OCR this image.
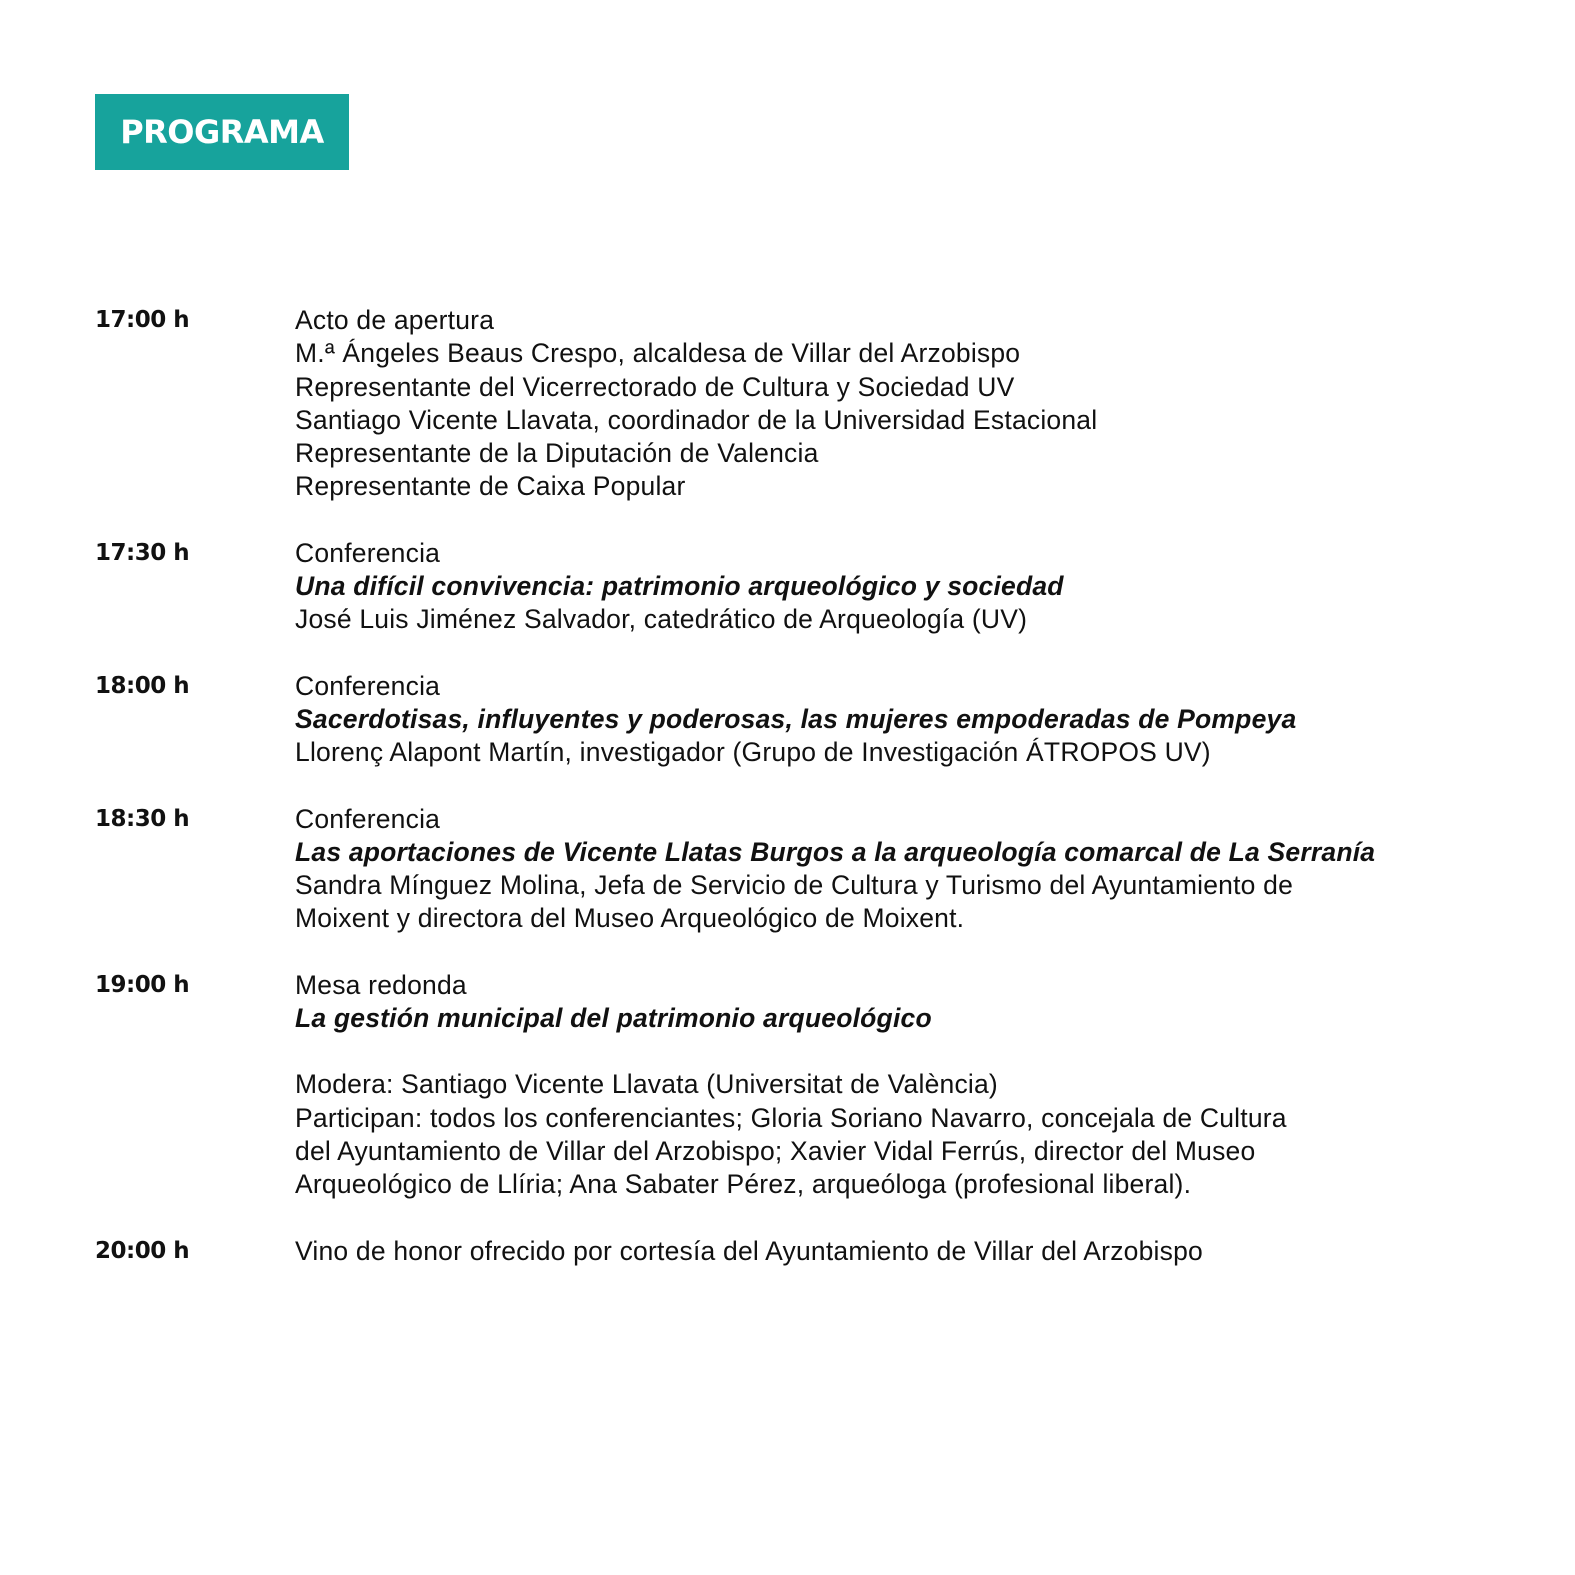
PROGRAMA
17:00 h	Acto de apertura
M.ª Ángeles Beaus Crespo, alcaldesa de Villar del Arzobispo
Representante del Vicerrectorado de Cultura y Sociedad UV
Santiago Vicente Llavata, coordinador de la Universidad Estacional
Representante de la Diputación de Valencia
Representante de Caixa Popular
17:30 h	Conferencia
Una difícil convivencia: patrimonio arqueológico y sociedad
José Luis Jiménez Salvador, catedrático de Arqueología (UV)
18:00 h	Conferencia
Sacerdotisas, influyentes y poderosas, las mujeres empoderadas de Pompeya
Llorenç Alapont Martín, investigador (Grupo de Investigación ÁTROPOS UV)
18:30 h	Conferencia
Las aportaciones de Vicente Llatas Burgos a la arqueología comarcal de La Serranía
Sandra Mínguez Molina, Jefa de Servicio de Cultura y Turismo del Ayuntamiento de
Moixent y directora del Museo Arqueológico de Moixent.
19:00 h	Mesa redonda
La gestión municipal del patrimonio arqueológico
Modera: Santiago Vicente Llavata (Universitat de València)
Participan: todos los conferenciantes; Gloria Soriano Navarro, concejala de Cultura
del Ayuntamiento de Villar del Arzobispo; Xavier Vidal Ferrús, director del Museo
Arqueológico de Llíria; Ana Sabater Pérez, arqueóloga (profesional liberal).
20:00 h	Vino de honor ofrecido por cortesía del Ayuntamiento de Villar del Arzobispo
